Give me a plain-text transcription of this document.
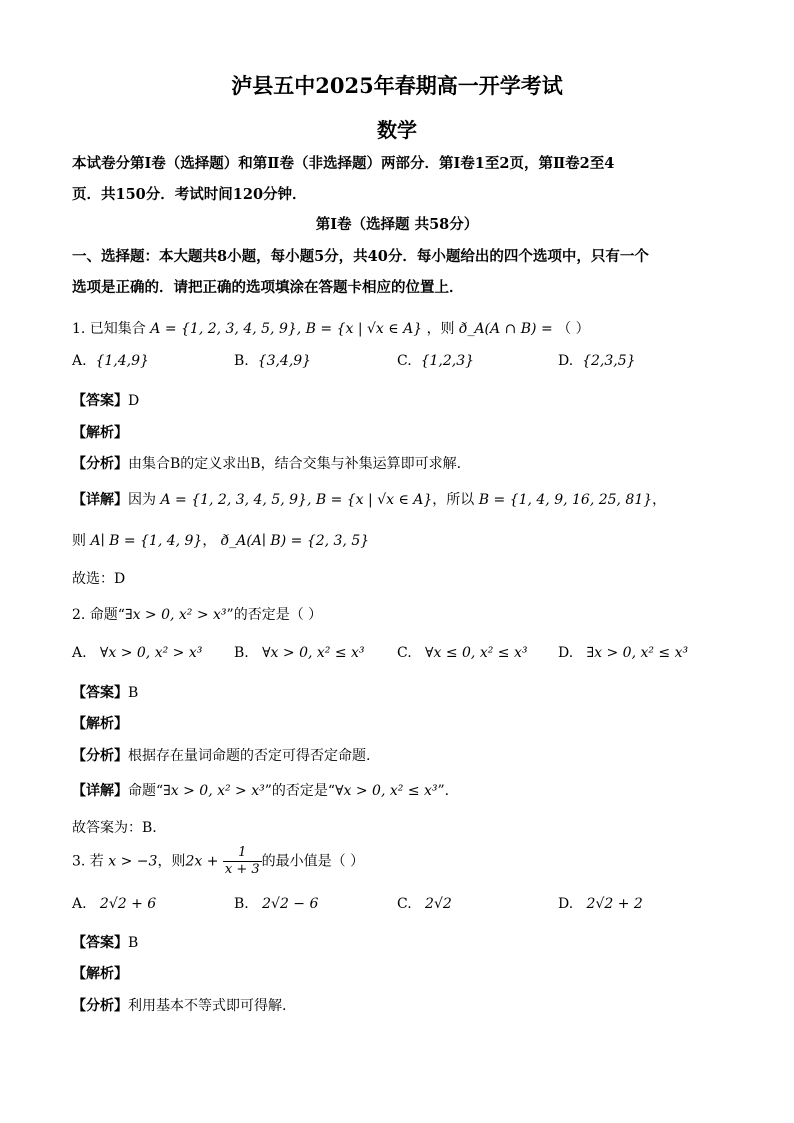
泸县五中2025年春期高一开学考试
数学
本试卷分第Ⅰ卷（选择题）和第Ⅱ卷（非选择题）两部分．第Ⅰ卷1至2页，第Ⅱ卷2至4
页．共150分．考试时间120分钟．
第Ⅰ卷（选择题 共58分）
一、选择题：本大题共8小题，每小题5分，共40分．每小题给出的四个选项中，只有一个
选项是正确的．请把正确的选项填涂在答题卡相应的位置上．
1. 已知集合 A = {1, 2, 3, 4, 5, 9}, B = {x | √x ∈ A} ，则 ð_A(A ∩ B) = （ ）
A. {1,4,9}	B. {3,4,9}	C. {1,2,3}	D. {2,3,5}
【答案】D
【解析】
【分析】由集合B的定义求出B，结合交集与补集运算即可求解.
【详解】因为 A = {1, 2, 3, 4, 5, 9}, B = {x | √x ∈ A}，所以 B = {1, 4, 9, 16, 25, 81}，
则 A∣ B = {1, 4, 9}， ð_A(A∣ B) = {2, 3, 5}
故选：D
2. 命题“∃x > 0, x² > x³”的否定是（ ）
A. ∀x > 0, x² > x³ B. ∀x > 0, x² ≤ x³ C. ∀x ≤ 0, x² ≤ x³ D. ∃x > 0, x² ≤ x³
【答案】B
【解析】
【分析】根据存在量词命题的否定可得否定命题.
【详解】命题“∃x > 0, x² > x³”的否定是“∀x > 0, x² ≤ x³”.
故答案为：B.
3. 若 x > −3，则$2x + \frac{1}{x + 3}$ 的最小值是（ ）
A. 2√2 + 6	B. 2√2 − 6	C. 2√2	D. 2√2 + 2
【答案】B
【解析】
【分析】利用基本不等式即可得解.
